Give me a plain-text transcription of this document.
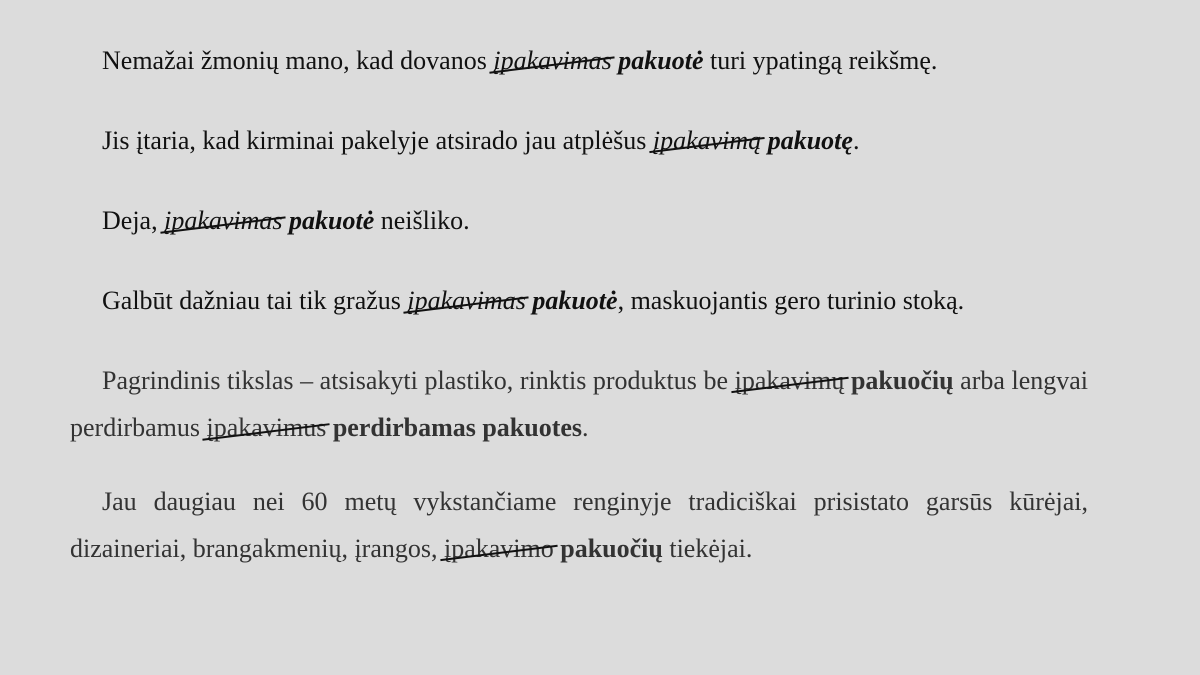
Nemažai žmonių mano, kad dovanos įpakavimas pakuotė turi ypatingą reikšmę.

Jis įtaria, kad kirminai pakelyje atsirado jau atplėšus įpakavimą pakuotę.

Deja, įpakavimas pakuotė neišliko.

Galbūt dažniau tai tik gražus įpakavimas pakuotė, maskuojantis gero turinio stoką.

Pagrindinis tikslas – atsisakyti plastiko, rinktis produktus be įpakavimų pakuočių arba lengvai perdirbamus įpakavimus perdirbamas pakuotes.

Jau daugiau nei 60 metų vykstančiame renginyje tradiciškai prisistato garsūs kūrėjai, dizaineriai, brangakmenių, įrangos, įpakavimo pakuočių tiekėjai.
